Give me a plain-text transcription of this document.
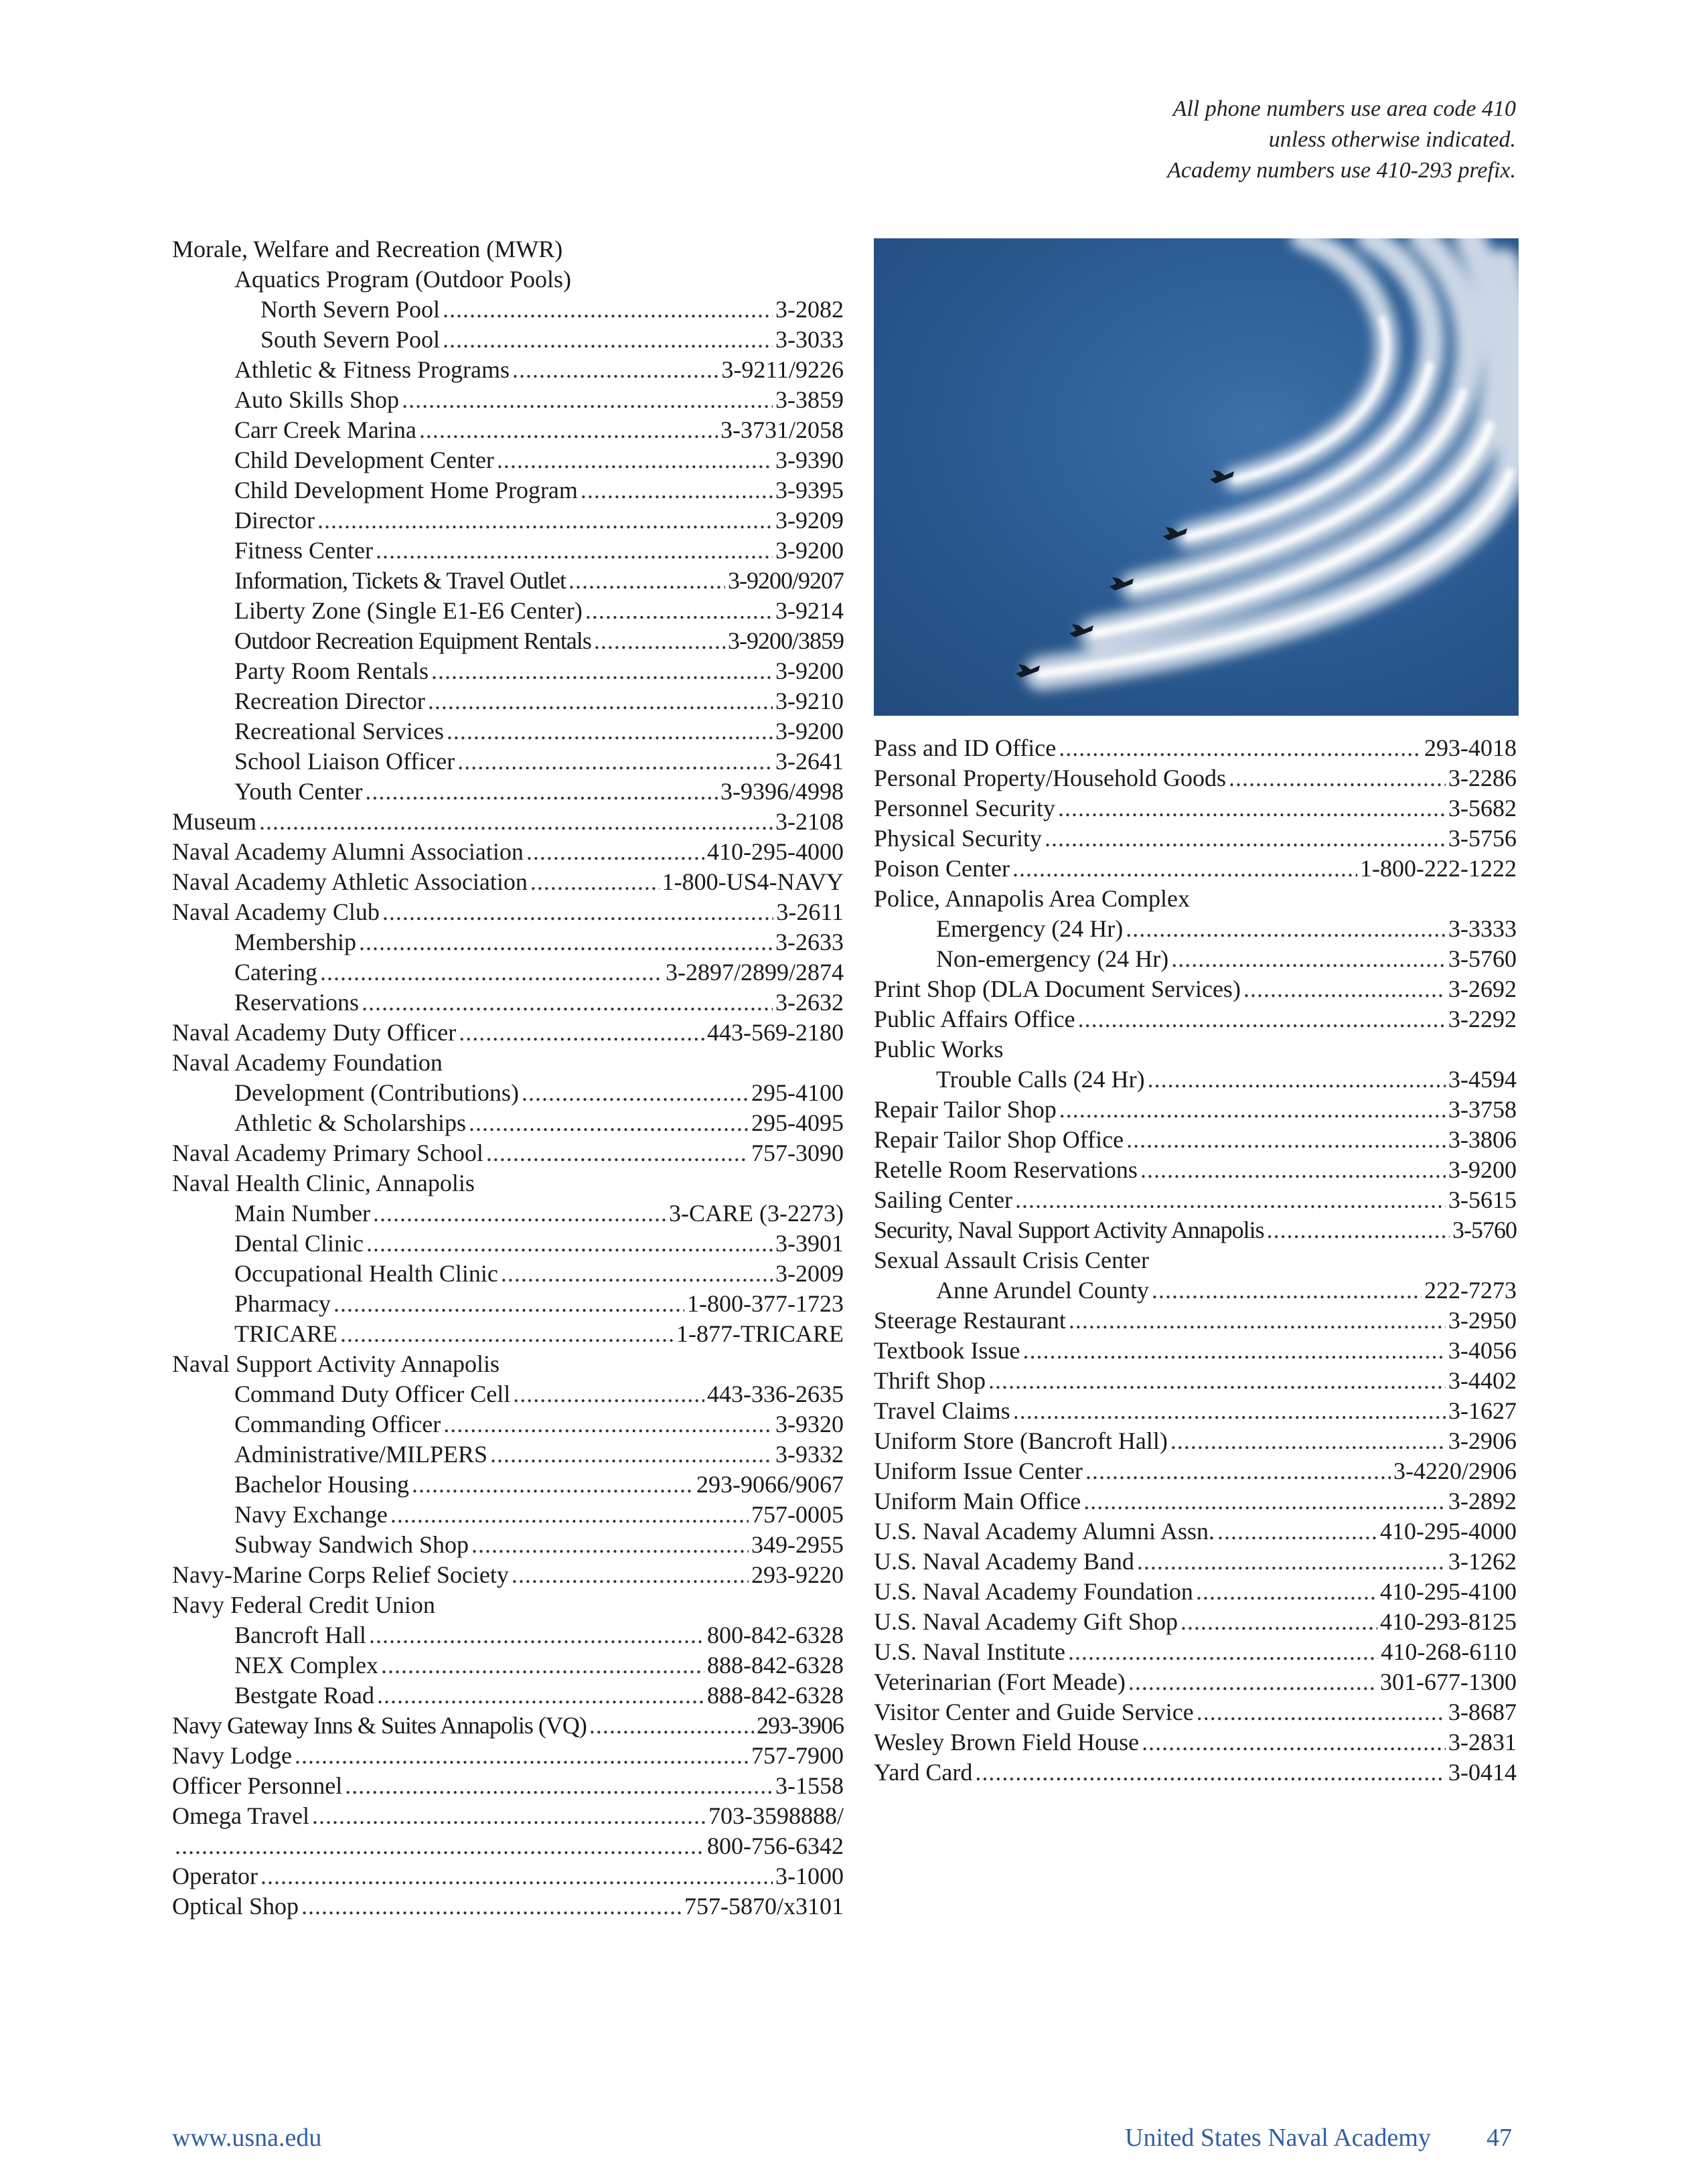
All phone numbers use area code 410
unless otherwise indicated.
Academy numbers use 410-293 prefix.
Morale, Welfare and Recreation (MWR)
Aquatics Program (Outdoor Pools)
North Severn Pool .....	3-2082
South Severn Pool .....	3-3033
Athletic & Fitness Programs .....	3-9211/9226
Auto Skills Shop .....	3-3859
Carr Creek Marina .....	3-3731/2058
Child Development Center .....	3-9390
Child Development Home Program .....	3-9395
Director .....	3-9209
Fitness Center .....	3-9200
Information, Tickets & Travel Outlet .....	3-9200/9207
Liberty Zone (Single E1-E6 Center) .....	3-9214
Outdoor Recreation Equipment Rentals .....	3-9200/3859
Party Room Rentals .....	3-9200
Recreation Director .....	3-9210
Recreational Services .....	3-9200
School Liaison Officer .....	3-2641
Youth Center .....	3-9396/4998
Museum .....	3-2108
Naval Academy Alumni Association .....	410-295-4000
Naval Academy Athletic Association .....	1-800-US4-NAVY
Naval Academy Club .....	3-2611
Membership .....	3-2633
Catering .....	3-2897/2899/2874
Reservations .....	3-2632
Naval Academy Duty Officer .....	443-569-2180
Naval Academy Foundation
Development (Contributions) .....	295-4100
Athletic & Scholarships .....	295-4095
Naval Academy Primary School .....	757-3090
Naval Health Clinic, Annapolis
Main Number .....	3-CARE (3-2273)
Dental Clinic .....	3-3901
Occupational Health Clinic .....	3-2009
Pharmacy .....	1-800-377-1723
TRICARE .....	1-877-TRICARE
Naval Support Activity Annapolis
Command Duty Officer Cell .....	443-336-2635
Commanding Officer .....	3-9320
Administrative/MILPERS .....	3-9332
Bachelor Housing .....	293-9066/9067
Navy Exchange .....	757-0005
Subway Sandwich Shop .....	349-2955
Navy-Marine Corps Relief Society .....	293-9220
Navy Federal Credit Union
Bancroft Hall .....	800-842-6328
NEX Complex .....	888-842-6328
Bestgate Road .....	888-842-6328
Navy Gateway Inns & Suites Annapolis (VQ) .....	293-3906
Navy Lodge .....	757-7900
Officer Personnel .....	3-1558
Omega Travel .....	703-3598888/
.....
800-756-6342
Operator .....	3-1000
Optical Shop .....	757-5870/x3101
Pass and ID Office .....	293-4018
Personal Property/Household Goods .....	3-2286
Personnel Security .....	3-5682
Physical Security .....	3-5756
Poison Center .....	1-800-222-1222
Police, Annapolis Area Complex
Emergency (24 Hr) .....	3-3333
Non-emergency (24 Hr) .....	3-5760
Print Shop (DLA Document Services) .....	3-2692
Public Affairs Office .....	3-2292
Public Works
Trouble Calls (24 Hr) .....	3-4594
Repair Tailor Shop .....	3-3758
Repair Tailor Shop Office .....	3-3806
Retelle Room Reservations .....	3-9200
Sailing Center .....	3-5615
Security, Naval Support Activity Annapolis .....	3-5760
Sexual Assault Crisis Center
Anne Arundel County .....	222-7273
Steerage Restaurant .....	3-2950
Textbook Issue .....	3-4056
Thrift Shop .....	3-4402
Travel Claims .....	3-1627
Uniform Store (Bancroft Hall) .....	3-2906
Uniform Issue Center .....	3-4220/2906
Uniform Main Office .....	3-2892
U.S. Naval Academy Alumni Assn. .....	410-295-4000
U.S. Naval Academy Band .....	3-1262
U.S. Naval Academy Foundation .....	410-295-4100
U.S. Naval Academy Gift Shop .....	410-293-8125
U.S. Naval Institute .....	410-268-6110
Veterinarian (Fort Meade) .....	301-677-1300
Visitor Center and Guide Service .....	3-8687
Wesley Brown Field House .....	3-2831
Yard Card .....	3-0414
www.usna.edu	United States Naval Academy 47
